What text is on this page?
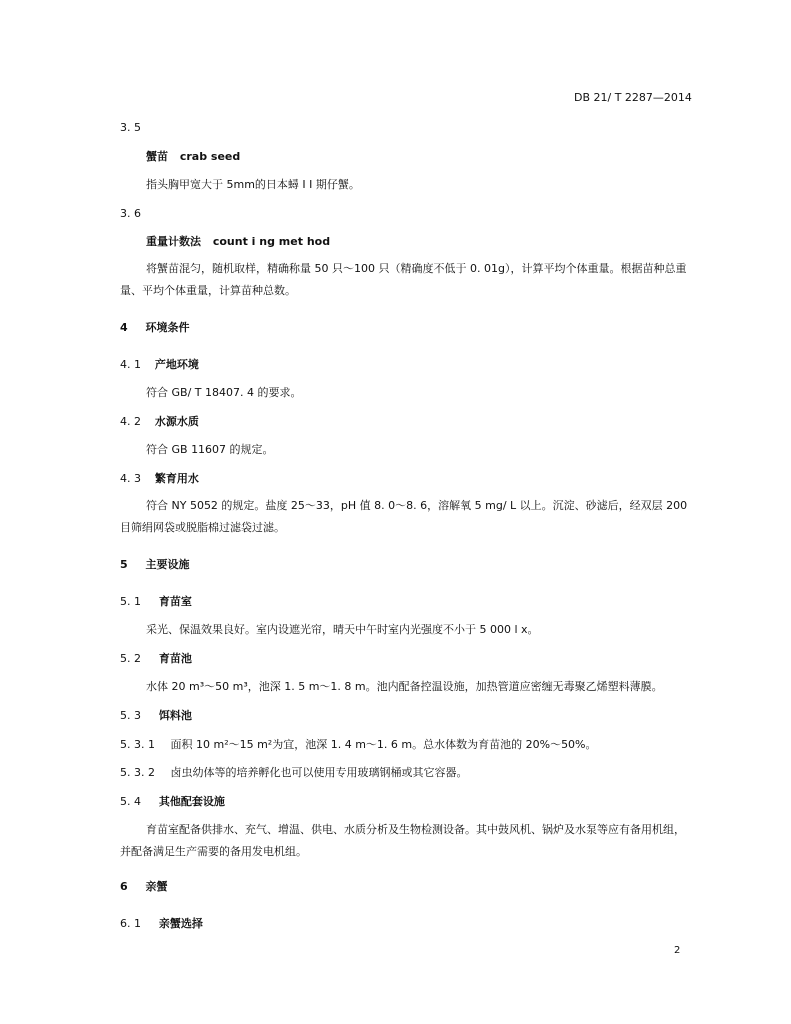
DB 21/ T 2287—2014
3. 5
蟹苗 crab seed
指头胸甲宽大于 5mm的日本蟳 I I 期仔蟹。
3. 6
重量计数法 count i ng met hod
将蟹苗混匀，随机取样，精确称量 50 只～100 只（精确度不低于 0. 01g），计算平均个体重量。根据苗种总重量、平均个体重量，计算苗种总数。
4 环境条件
4. 1 产地环境
符合 GB/ T 18407. 4 的要求。
4. 2 水源水质
符合 GB 11607 的规定。
4. 3 繁育用水
符合 NY 5052 的规定。盐度 25～33，pH 值 8. 0～8. 6，溶解氧 5 mg/ L 以上。沉淀、砂滤后，经双层 200 目筛绢网袋或脱脂棉过滤袋过滤。
5 主要设施
5. 1 育苗室
采光、保温效果良好。室内设遮光帘，晴天中午时室内光强度不小于 5 000 l x。
5. 2 育苗池
水体 20 m³～50 m³，池深 1. 5 m～1. 8 m。池内配备控温设施，加热管道应密缠无毒聚乙烯塑料薄膜。
5. 3 饵料池
5. 3. 1 面积 10 m²～15 m²为宜，池深 1. 4 m～1. 6 m。总水体数为育苗池的 20%～50%。
5. 3. 2 卤虫幼体等的培养孵化也可以使用专用玻璃钢桶或其它容器。
5. 4 其他配套设施
育苗室配备供排水、充气、增温、供电、水质分析及生物检测设备。其中鼓风机、锅炉及水泵等应有备用机组，并配备满足生产需要的备用发电机组。
6 亲蟹
6. 1 亲蟹选择
2
